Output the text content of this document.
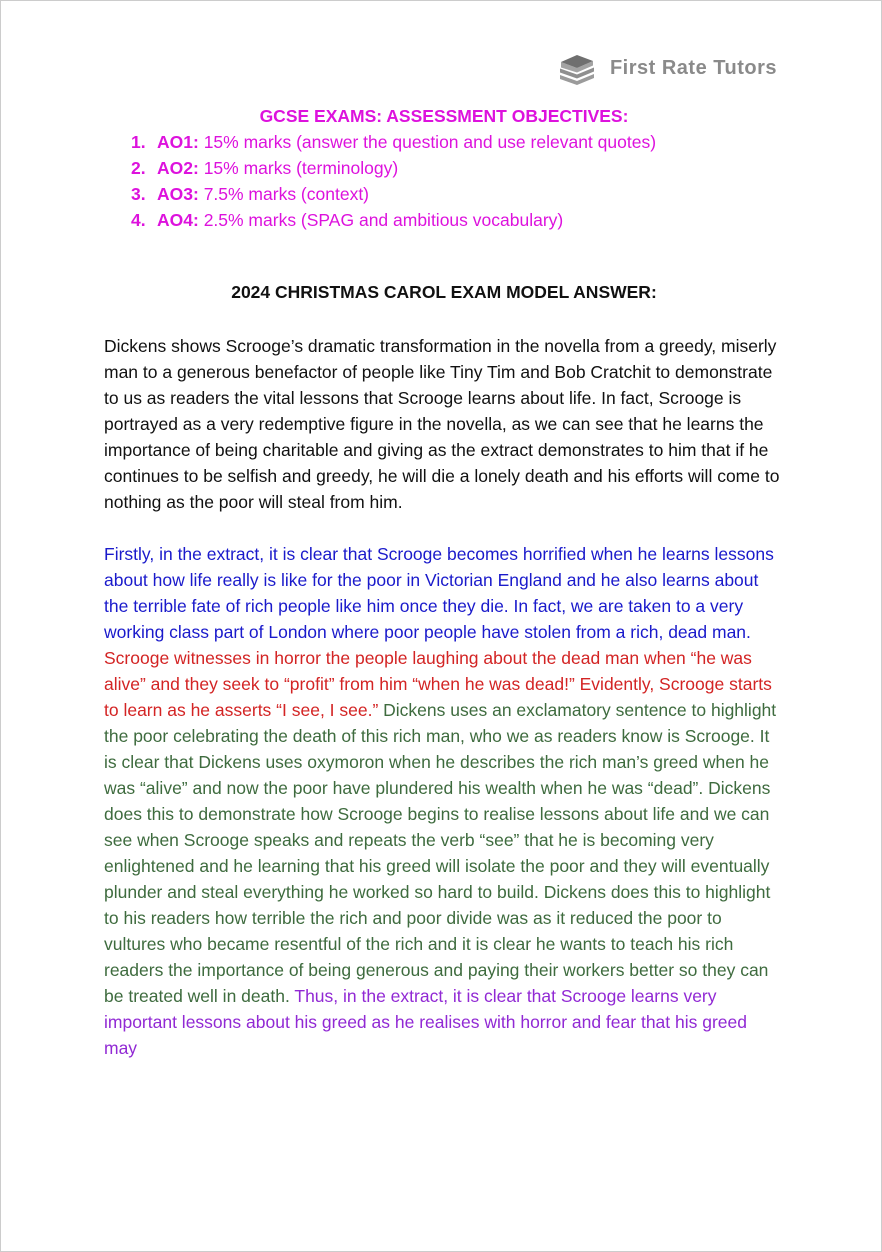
First Rate Tutors
GCSE EXAMS: ASSESSMENT OBJECTIVES:
1. AO1: 15% marks (answer the question and use relevant quotes)
2. AO2: 15% marks (terminology)
3. AO3: 7.5% marks (context)
4. AO4: 2.5% marks (SPAG and ambitious vocabulary)
2024 CHRISTMAS CAROL EXAM MODEL ANSWER:

Dickens shows Scrooge’s dramatic transformation in the novella from a greedy, miserly man to a generous benefactor of people like Tiny Tim and Bob Cratchit to demonstrate to us as readers the vital lessons that Scrooge learns about life. In fact, Scrooge is portrayed as a very redemptive figure in the novella, as we can see that he learns the importance of being charitable and giving as the extract demonstrates to him that if he continues to be selfish and greedy, he will die a lonely death and his efforts will come to nothing as the poor will steal from him.

Firstly, in the extract, it is clear that Scrooge becomes horrified when he learns lessons about how life really is like for the poor in Victorian England and he also learns about the terrible fate of rich people like him once they die. In fact, we are taken to a very working class part of London where poor people have stolen from a rich, dead man. Scrooge witnesses in horror the people laughing about the dead man when “he was alive” and they seek to “profit” from him “when he was dead!” Evidently, Scrooge starts to learn as he asserts “I see, I see.” Dickens uses an exclamatory sentence to highlight the poor celebrating the death of this rich man, who we as readers know is Scrooge. It is clear that Dickens uses oxymoron when he describes the rich man’s greed when he was “alive” and now the poor have plundered his wealth when he was “dead”. Dickens does this to demonstrate how Scrooge begins to realise lessons about life and we can see when Scrooge speaks and repeats the verb “see” that he is becoming very enlightened and he learning that his greed will isolate the poor and they will eventually plunder and steal everything he worked so hard to build. Dickens does this to highlight to his readers how terrible the rich and poor divide was as it reduced the poor to vultures who became resentful of the rich and it is clear he wants to teach his rich readers the importance of being generous and paying their workers better so they can be treated well in death. Thus, in the extract, it is clear that Scrooge learns very important lessons about his greed as he realises with horror and fear that his greed may
